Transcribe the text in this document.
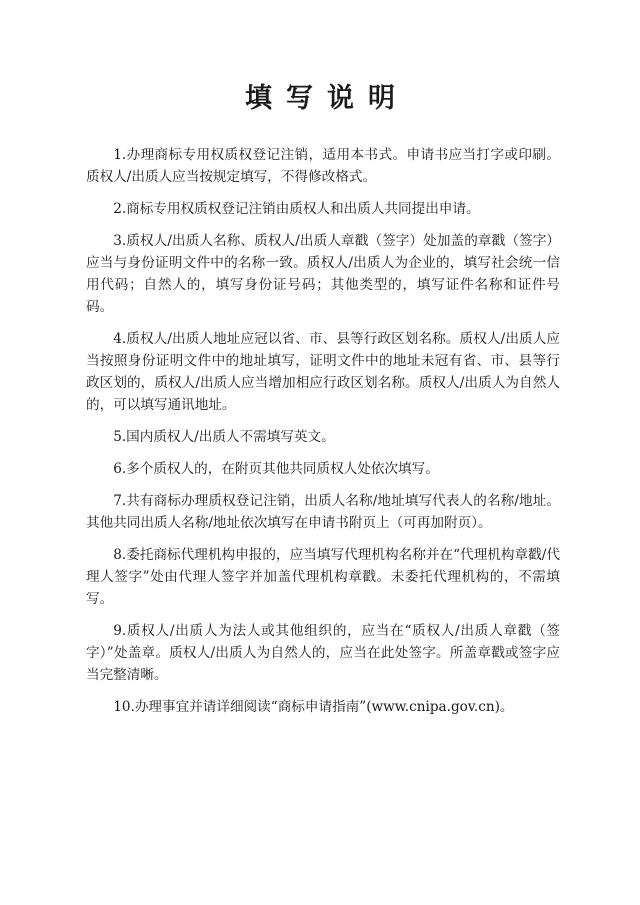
填写说明
1.办理商标专用权质权登记注销，适用本书式。申请书应当打字或印刷。质权人/出质人应当按规定填写，不得修改格式。
2.商标专用权质权登记注销由质权人和出质人共同提出申请。
3.质权人/出质人名称、质权人/出质人章戳（签字）处加盖的章戳（签字）应当与身份证明文件中的名称一致。质权人/出质人为企业的，填写社会统一信用代码；自然人的，填写身份证号码；其他类型的，填写证件名称和证件号码。
4.质权人/出质人地址应冠以省、市、县等行政区划名称。质权人/出质人应当按照身份证明文件中的地址填写，证明文件中的地址未冠有省、市、县等行政区划的，质权人/出质人应当增加相应行政区划名称。质权人/出质人为自然人的，可以填写通讯地址。
5.国内质权人/出质人不需填写英文。
6.多个质权人的，在附页其他共同质权人处依次填写。
7.共有商标办理质权登记注销，出质人名称/地址填写代表人的名称/地址。其他共同出质人名称/地址依次填写在申请书附页上（可再加附页）。
8.委托商标代理机构申报的，应当填写代理机构名称并在“代理机构章戳/代理人签字”处由代理人签字并加盖代理机构章戳。未委托代理机构的，不需填写。
9.质权人/出质人为法人或其他组织的，应当在“质权人/出质人章戳（签字）”处盖章。质权人/出质人为自然人的，应当在此处签字。所盖章戳或签字应当完整清晰。
10.办理事宜并请详细阅读“商标申请指南”(www.cnipa.gov.cn)。
